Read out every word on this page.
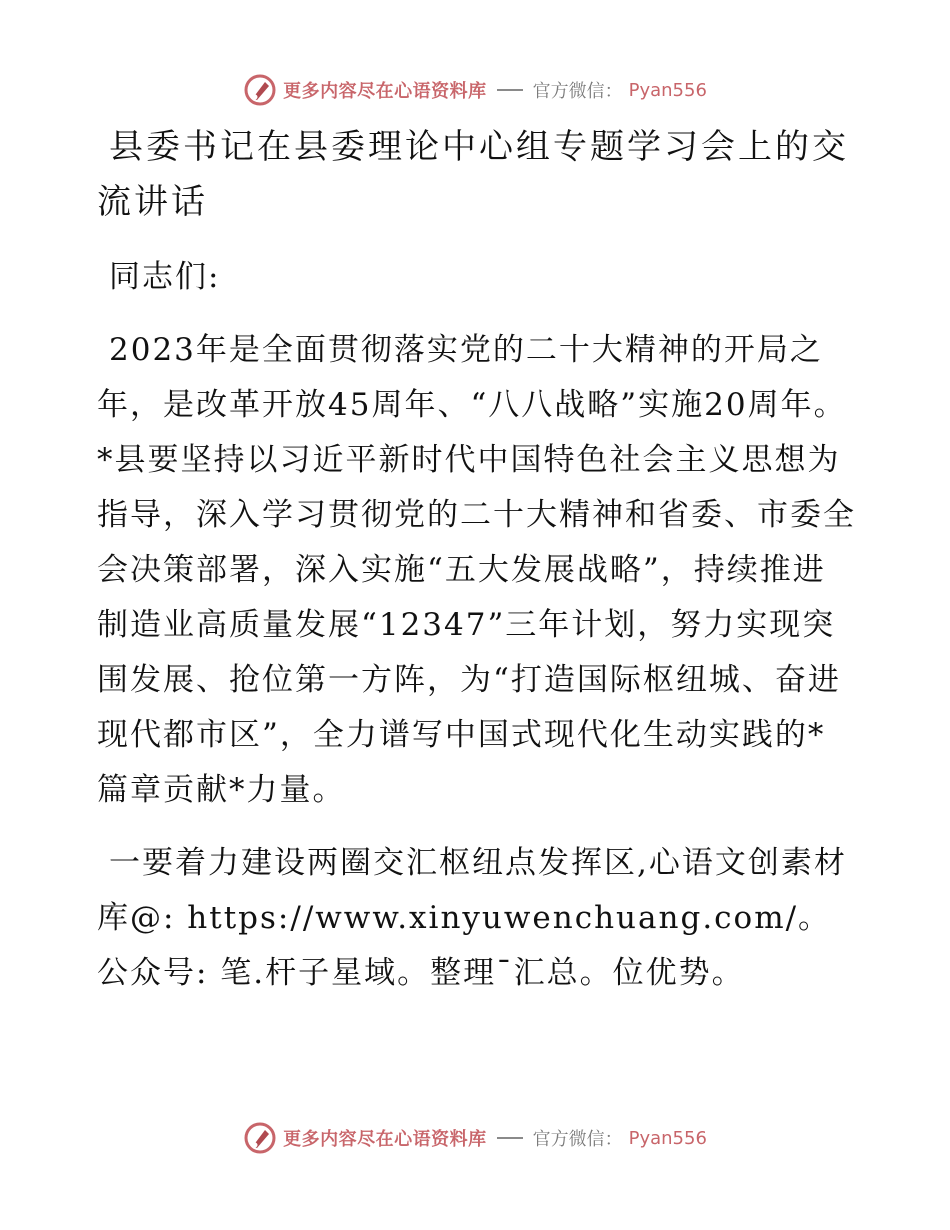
更多内容尽在心语资料库	官方微信： Pyan556
县委书记在县委理论中心组专题学习会上的交流讲话

同志们:

2023年是全面贯彻落实党的二十大精神的开局之年，是改革开放45周年、“八八战略”实施20周年。*县要坚持以习近平新时代中国特色社会主义思想为指导，深入学习贯彻党的二十大精神和省委、市委全会决策部署，深入实施“五大发展战略”，持续推进制造业高质量发展“12347”三年计划，努力实现突围发展、抢位第一方阵，为“打造国际枢纽城、奋进现代都市区”，全力谱写中国式现代化生动实践的*篇章贡献*力量。

一要着力建设两圈交汇枢纽点发挥区,心语文创素材库@: https://www.xinyuwenchuang.com/。公众号: 笔.杆子星域。整理¯汇总。位优势。

更多内容尽在心语资料库	官方微信： Pyan556
